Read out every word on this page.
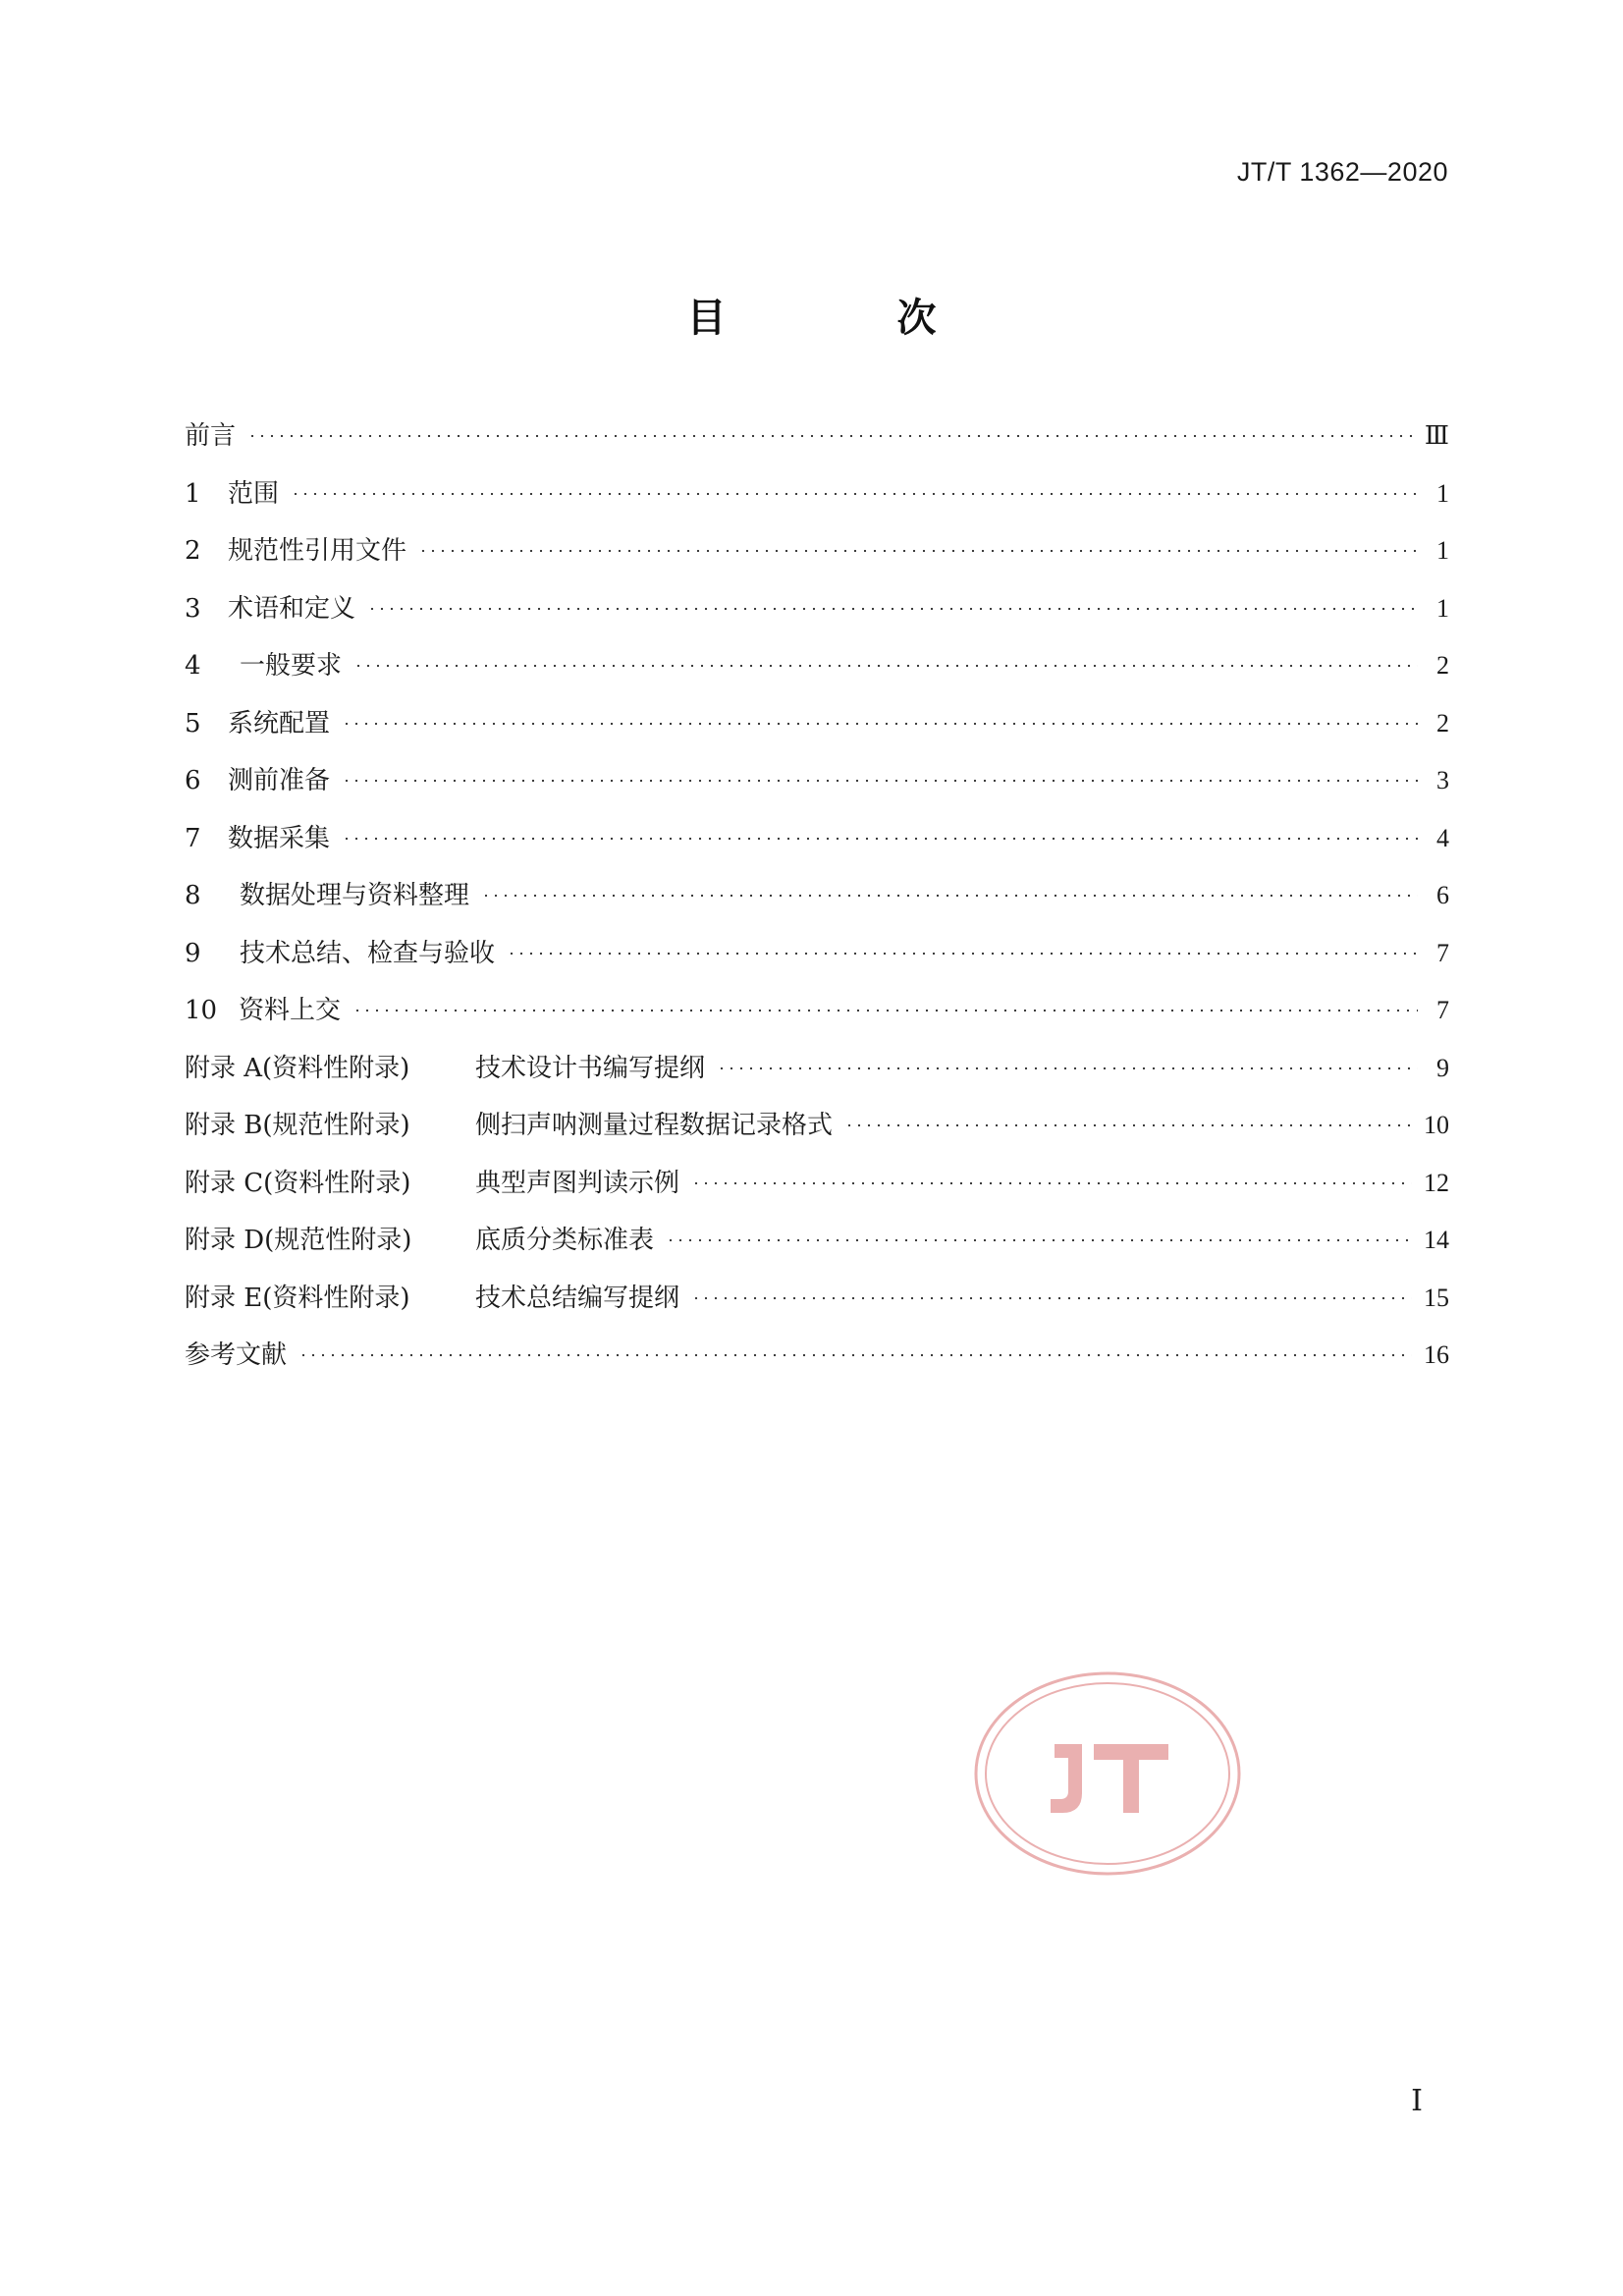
JT/T 1362—2020
目 次
前言	Ⅲ
1	范围	1
2	规范性引用文件	1
3	术语和定义	1
4	一般要求	2
5	系统配置	2
6	测前准备	3
7	数据采集	4
8	数据处理与资料整理	6
9	技术总结、检查与验收	7
10 资料上交	7
附录 A(资料性附录)	技术设计书编写提纲	9
附录 B(规范性附录)	侧扫声呐测量过程数据记录格式	10
附录 C(资料性附录)	典型声图判读示例	12
附录 D(规范性附录)	底质分类标准表	14
附录 E(资料性附录)	技术总结编写提纲	15
参考文献	16
Ⅰ
